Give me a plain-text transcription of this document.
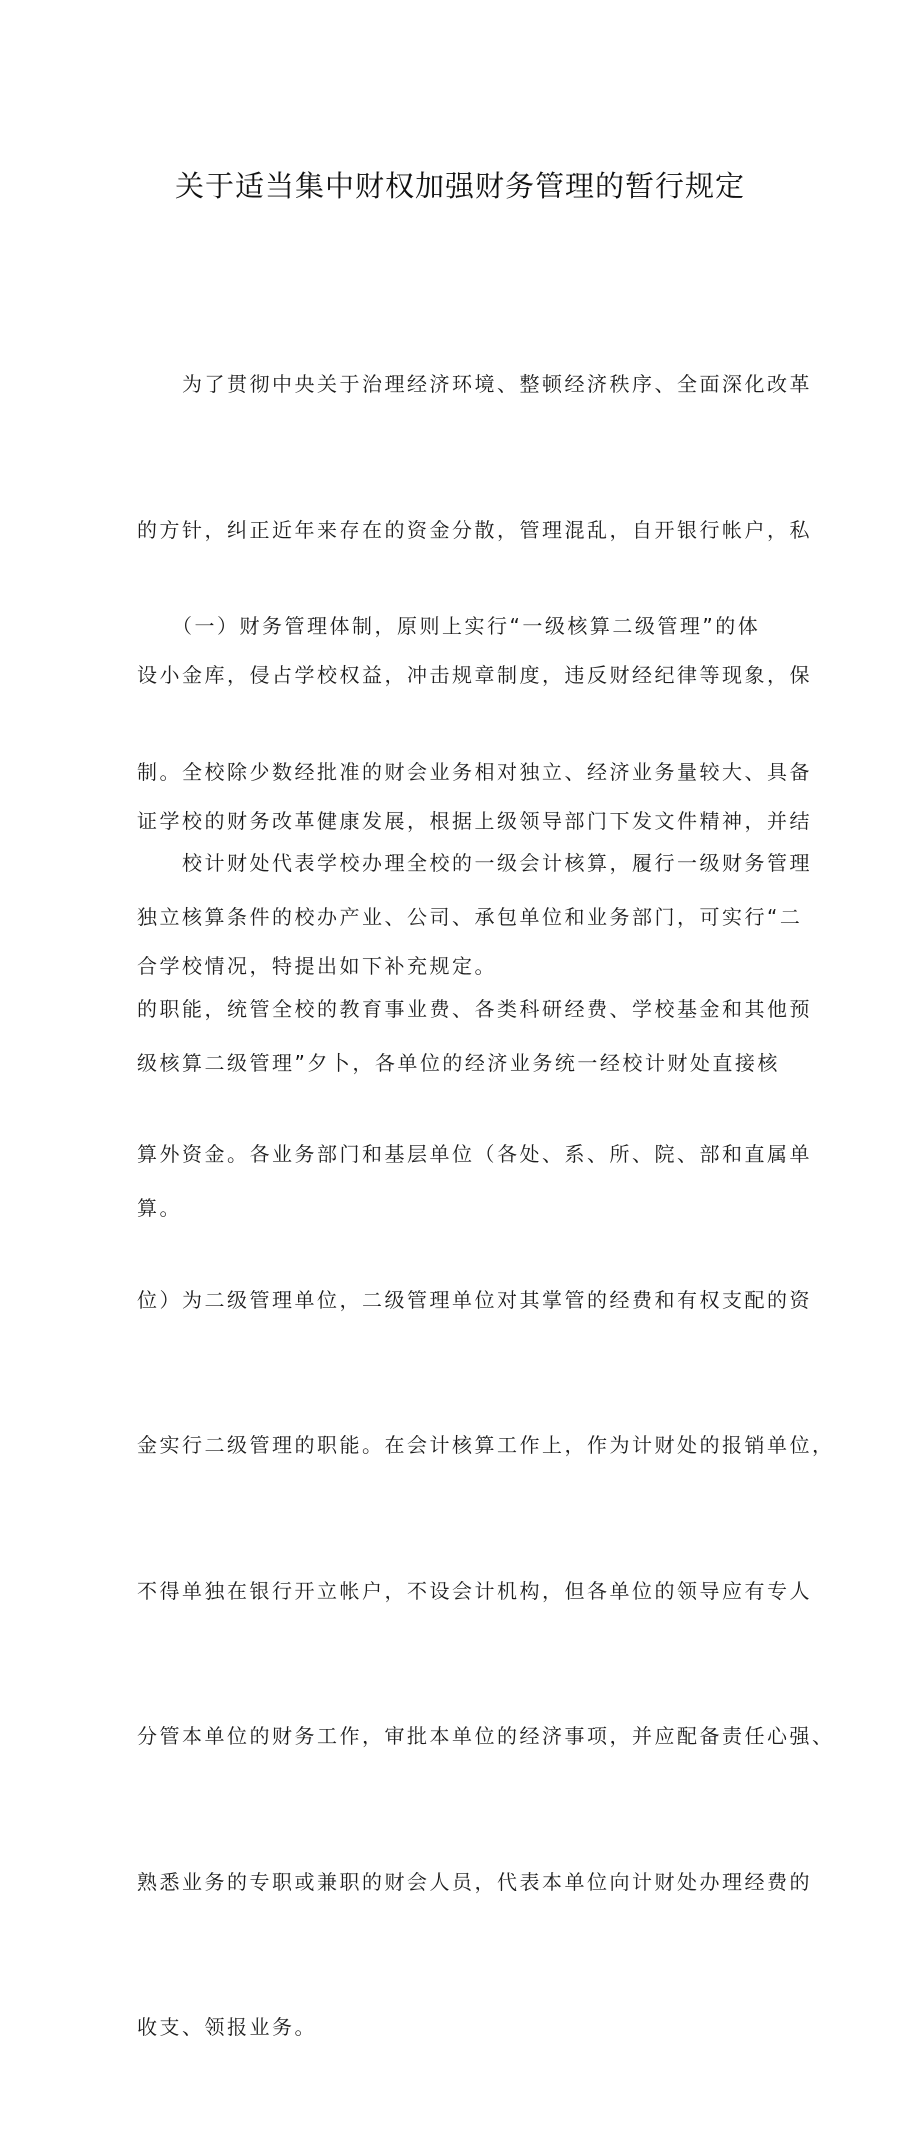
关于适当集中财权加强财务管理的暂行规定

　　为了贯彻中央关于治理经济环境、整顿经济秩序、全面深化改革

的方针，纠正近年来存在的资金分散，管理混乱，自开银行帐户，私

设小金库，侵占学校权益，冲击规章制度，违反财经纪律等现象，保

证学校的财务改革健康发展，根据上级领导部门下发文件精神，并结

合学校情况，特提出如下补充规定。

　　（一）财务管理体制，原则上实行“一级核算二级管理”的体

制。全校除少数经批准的财会业务相对独立、经济业务量较大、具备

独立核算条件的校办产业、公司、承包单位和业务部门，可实行“二

级核算二级管理”夕卜，各单位的经济业务统一经校计财处直接核

算。

　　校计财处代表学校办理全校的一级会计核算，履行一级财务管理

的职能，统管全校的教育事业费、各类科研经费、学校基金和其他预

算外资金。各业务部门和基层单位（各处、系、所、院、部和直属单

位）为二级管理单位，二级管理单位对其掌管的经费和有权支配的资

金实行二级管理的职能。在会计核算工作上，作为计财处的报销单位，

不得单独在银行开立帐户，不设会计机构，但各单位的领导应有专人

分管本单位的财务工作，审批本单位的经济事项，并应配备责任心强、

熟悉业务的专职或兼职的财会人员，代表本单位向计财处办理经费的

收支、领报业务。
